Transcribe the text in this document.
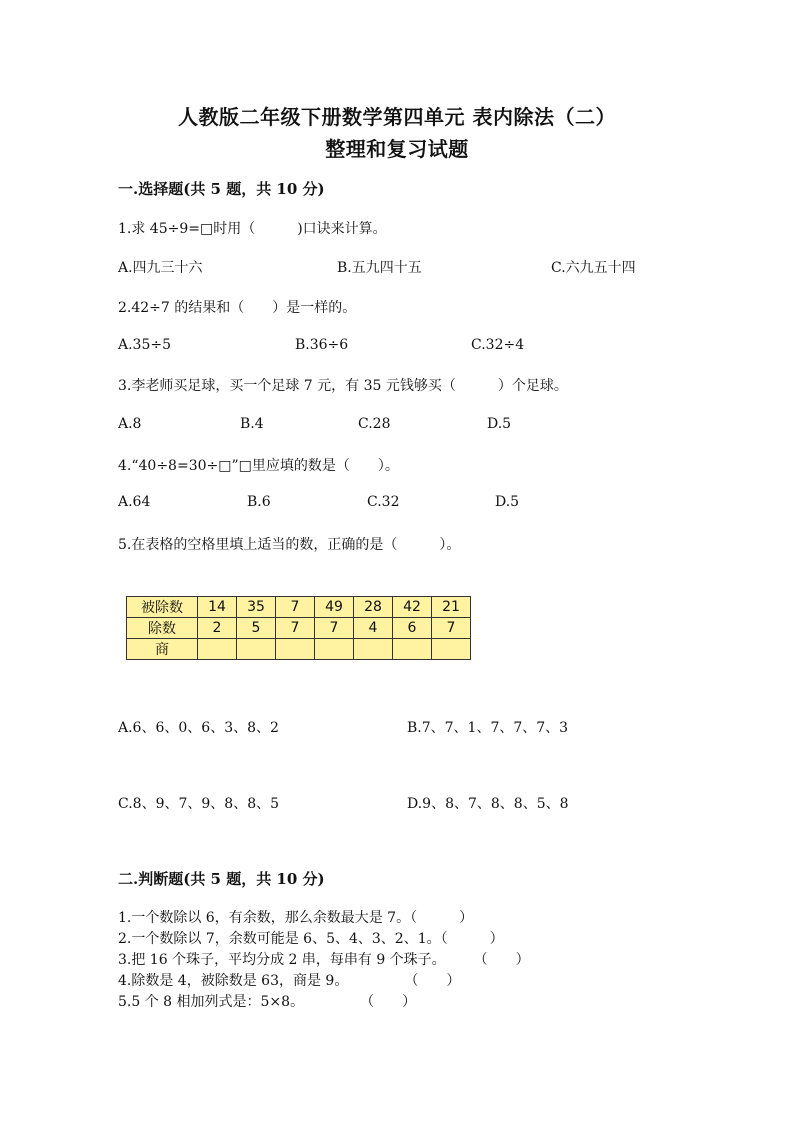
人教版二年级下册数学第四单元 表内除法（二）
整理和复习试题
一.选择题(共 5 题，共 10 分)
1.求 45÷9=□时用（　　　)口诀来计算。
A.四九三十六	B.五九四十五	C.六九五十四
2.42÷7 的结果和（　　）是一样的。
A.35÷5	B.36÷6	C.32÷4
3.李老师买足球，买一个足球 7 元，有 35 元钱够买（　　　）个足球。
A.8	B.4	C.28	D.5
4.“40÷8=30÷□”□里应填的数是（　　）。
A.64	B.6	C.32	D.5
5.在表格的空格里填上适当的数，正确的是（　　　）。
被除数	14	35	7	49	28	42	21
除数	2	5	7	7	4	6	7
商							
A.6、6、0、6、3、8、2	B.7、7、1、7、7、7、3
C.8、9、7、9、8、8、5	D.9、8、7、8、8、5、8
二.判断题(共 5 题，共 10 分)
1.一个数除以 6，有余数，那么余数最大是 7。（　　　）
2.一个数除以 7，余数可能是 6、5、4、3、2、1。（　　　）
3.把 16 个珠子，平均分成 2 串，每串有 9 个珠子。　　　（　　）
4.除数是 4，被除数是 63，商是 9。　　　　　（　　）
5.5 个 8 相加列式是：5×8。　　　　　（　　）
